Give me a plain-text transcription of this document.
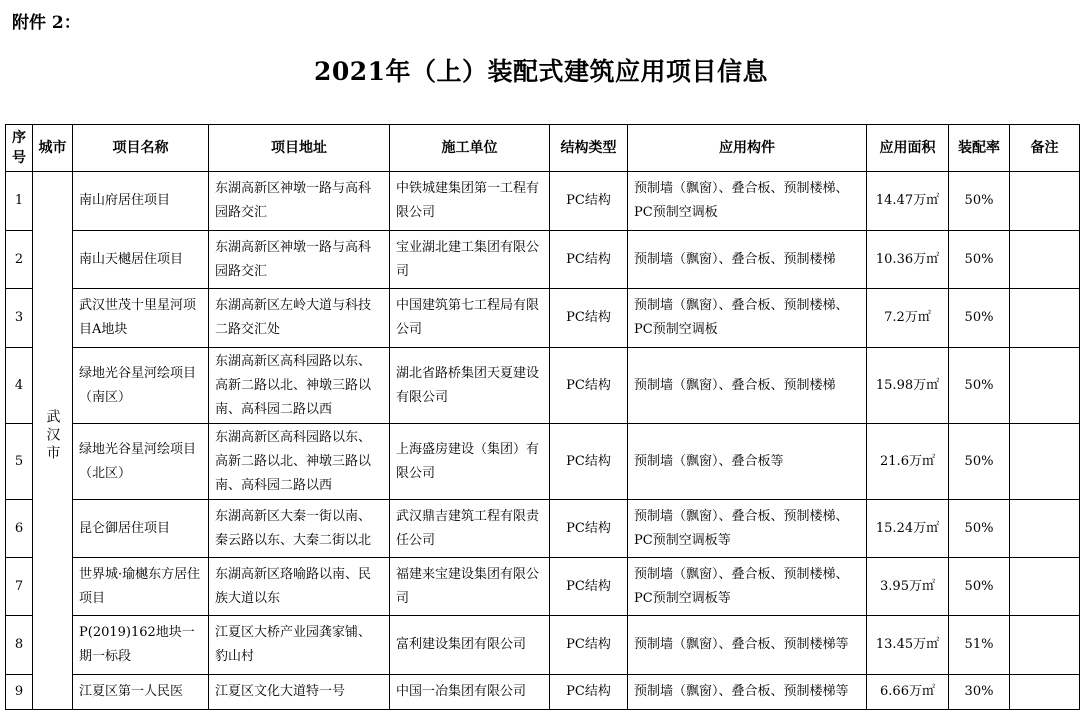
附件 2：
2021年（上）装配式建筑应用项目信息
序号	城市	项目名称	项目地址	施工单位	结构类型	应用构件	应用面积	装配率	备注
1	武汉市	南山府居住项目	东湖高新区神墩一路与高科园路交汇	中铁城建集团第一工程有限公司	PC结构	预制墙（飘窗）、叠合板、预制楼梯、PC预制空调板	14.47万㎡	50%	
2		南山天樾居住项目	东湖高新区神墩一路与高科园路交汇	宝业湖北建工集团有限公司	PC结构	预制墙（飘窗）、叠合板、预制楼梯	10.36万㎡	50%	
3		武汉世茂十里星河项目A地块	东湖高新区左岭大道与科技二路交汇处	中国建筑第七工程局有限公司	PC结构	预制墙（飘窗）、叠合板、预制楼梯、PC预制空调板	7.2万㎡	50%	
4		绿地光谷星河绘项目（南区）	东湖高新区高科园路以东、高新二路以北、神墩三路以南、高科园二路以西	湖北省路桥集团天夏建设有限公司	PC结构	预制墙（飘窗）、叠合板、预制楼梯	15.98万㎡	50%	
5		绿地光谷星河绘项目（北区）	东湖高新区高科园路以东、高新二路以北、神墩三路以南、高科园二路以西	上海盛房建设（集团）有限公司	PC结构	预制墙（飘窗）、叠合板等	21.6万㎡	50%	
6		昆仑御居住项目	东湖高新区大秦一街以南、秦云路以东、大秦二街以北	武汉鼎吉建筑工程有限责任公司	PC结构	预制墙（飘窗）、叠合板、预制楼梯、PC预制空调板等	15.24万㎡	50%	
7		世界城·瑜樾东方居住项目	东湖高新区珞喻路以南、民族大道以东	福建来宝建设集团有限公司	PC结构	预制墙（飘窗）、叠合板、预制楼梯、PC预制空调板等	3.95万㎡	50%	
8		P(2019)162地块一期一标段	江夏区大桥产业园龚家铺、豹山村	富利建设集团有限公司	PC结构	预制墙（飘窗）、叠合板、预制楼梯等	13.45万㎡	51%	
9		江夏区第一人民医	江夏区文化大道特一号	中国一冶集团有限公司	PC结构	预制墙（飘窗）、叠合板、预制楼梯等	6.66万㎡	30%	
